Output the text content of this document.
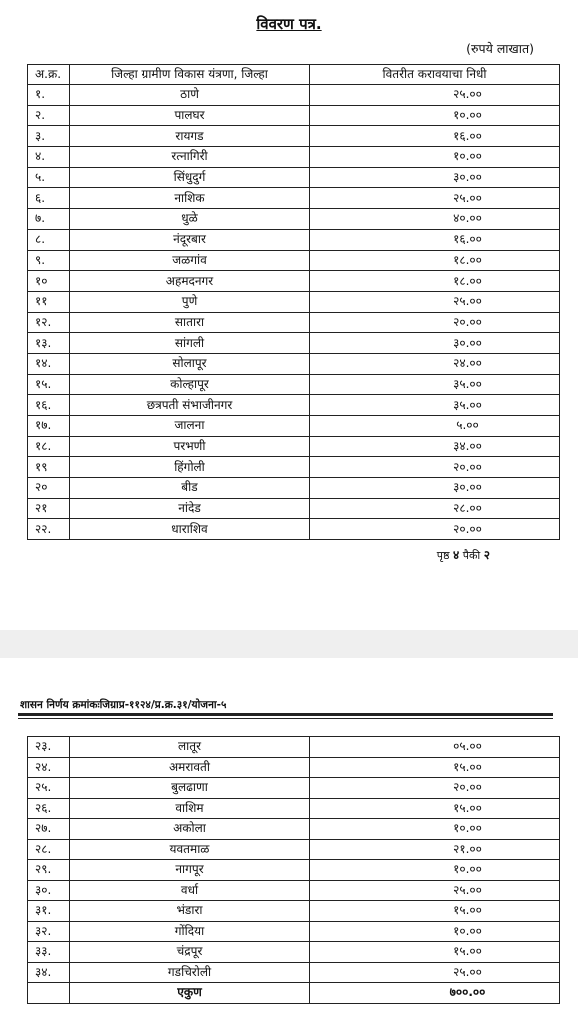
विवरण पत्र.
(रुपये लाखात)
अ.क्र.	जिल्हा ग्रामीण विकास यंत्रणा, जिल्हा	वितरीत करावयाचा निधी
१.	ठाणे	२५.००
२.	पालघर	१०.००
३.	रायगड	१६.००
४.	रत्नागिरी	१०.००
५.	सिंधुदुर्ग	३०.००
६.	नाशिक	२५.००
७.	धुळे	४०.००
८.	नंदूरबार	१६.००
९.	जळगांव	१८.००
१०	अहमदनगर	१८.००
११	पुणे	२५.००
१२.	सातारा	२०.००
१३.	सांगली	३०.००
१४.	सोलापूर	२४.००
१५.	कोल्हापूर	३५.००
१६.	छत्रपती संभाजीनगर	३५.००
१७.	जालना	५.००
१८.	परभणी	३४.००
१९	हिंगोली	२०.००
२०	बीड	३०.००
२१	नांदेड	२८.००
२२.	धाराशिव	२०.००
पृष्ठ ४ पैकी २
शासन निर्णय क्रमांकःजिग्राप्र-११२४/प्र.क्र.३१/योजना-५
२३.	लातूर	०५.००
२४.	अमरावती	१५.००
२५.	बुलढाणा	२०.००
२६.	वाशिम	१५.००
२७.	अकोला	१०.००
२८.	यवतमाळ	२१.००
२९.	नागपूर	१०.००
३०.	वर्धा	२५.००
३१.	भंडारा	१५.००
३२.	गोंदिया	१०.००
३३.	चंद्रपूर	१५.००
३४.	गडचिरोली	२५.००
	एकुण	७००.००
